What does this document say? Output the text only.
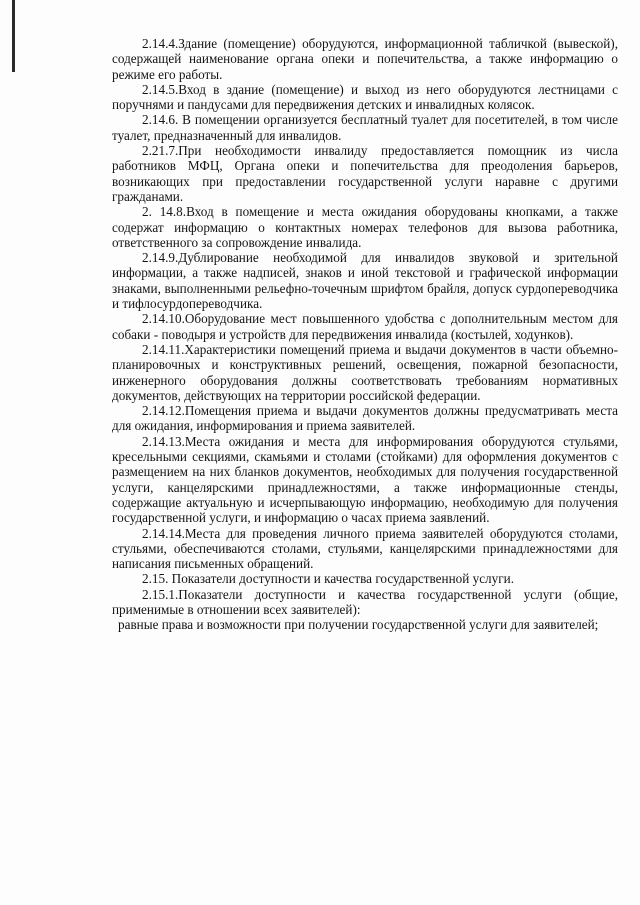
2.14.4.Здание (помещение) оборудуются, информационной табличкой (вывеской), содержащей наименование органа опеки и попечительства, а также информацию о режиме его работы.

2.14.5.Вход в здание (помещение) и выход из него оборудуются лестницами с поручнями и пандусами для передвижения детских и инвалидных колясок.

2.14.6. В помещении организуется бесплатный туалет для посетителей, в том числе туалет, предназначенный для инвалидов.

2.21.7.При необходимости инвалиду предоставляется помощник из числа работников МФЦ, Органа опеки и попечительства для преодоления барьеров, возникающих при предоставлении государственной услуги наравне с другими гражданами.

2. 14.8.Вход в помещение и места ожидания оборудованы кнопками, а также содержат информацию о контактных номерах телефонов для вызова работника, ответственного за сопровождение инвалида.

2.14.9.Дублирование необходимой для инвалидов звуковой и зрительной информации, а также надписей, знаков и иной текстовой и графической информации знаками, выполненными рельефно-точечным шрифтом брайля, допуск сурдопереводчика и тифлосурдопереводчика.

2.14.10.Оборудование мест повышенного удобства с дополнительным местом для собаки - поводыря и устройств для передвижения инвалида (костылей, ходунков).

2.14.11.Характеристики помещений приема и выдачи документов в части объемно-планировочных и конструктивных решений, освещения, пожарной безопасности, инженерного оборудования должны соответствовать требованиям нормативных документов, действующих на территории российской федерации.

2.14.12.Помещения приема и выдачи документов должны предусматривать места для ожидания, информирования и приема заявителей.

2.14.13.Места ожидания и места для информирования оборудуются стульями, кресельными секциями, скамьями и столами (стойками) для оформления документов с размещением на них бланков документов, необходимых для получения государственной услуги, канцелярскими принадлежностями, а также информационные стенды, содержащие актуальную и исчерпывающую информацию, необходимую для получения государственной услуги, и информацию о часах приема заявлений.

2.14.14.Места для проведения личного приема заявителей оборудуются столами, стульями, обеспечиваются столами, стульями, канцелярскими принадлежностями для написания письменных обращений.

2.15. Показатели доступности и качества государственной услуги.

2.15.1.Показатели доступности и качества государственной услуги (общие, применимые в отношении всех заявителей):

равные права и возможности при получении государственной услуги для заявителей;
